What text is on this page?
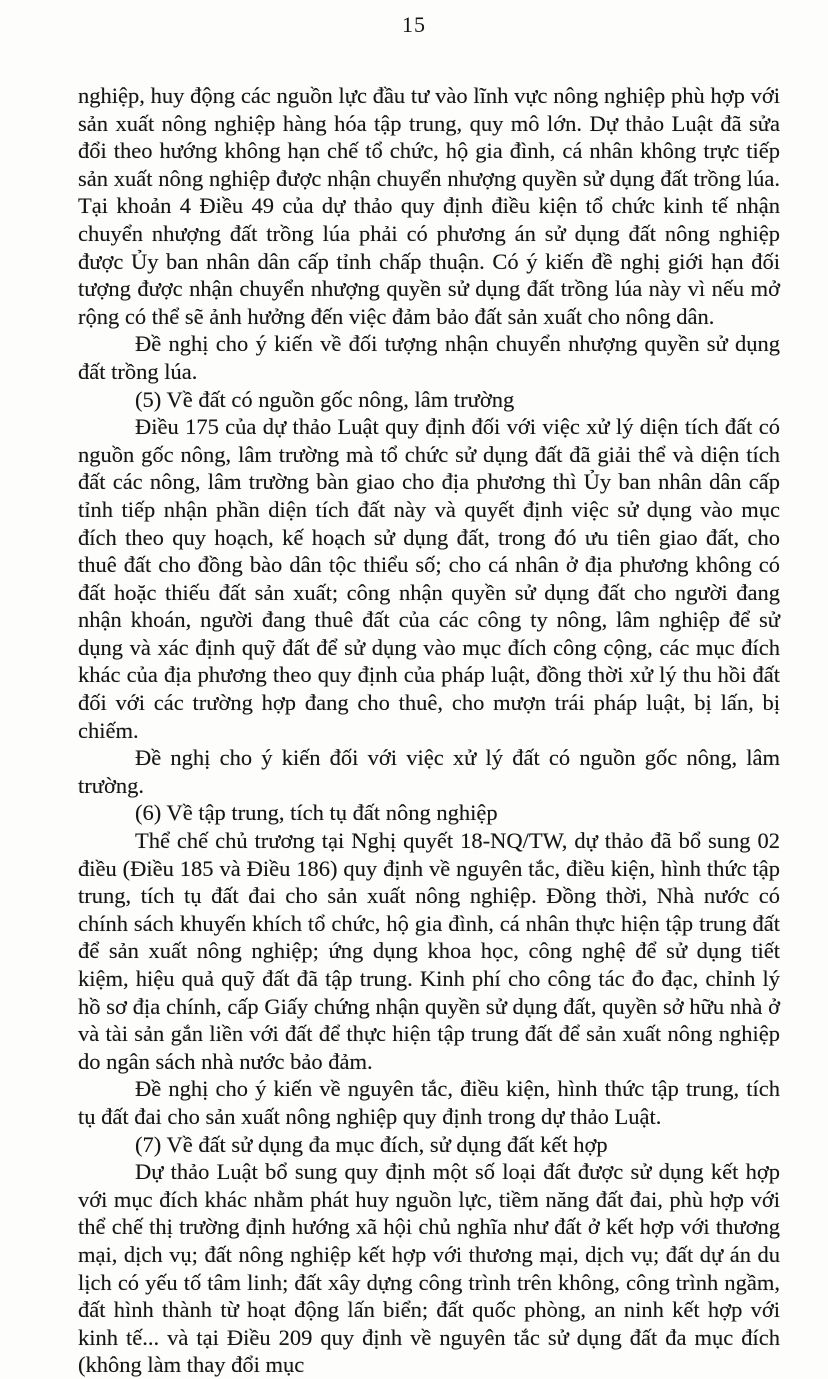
15

nghiệp, huy động các nguồn lực đầu tư vào lĩnh vực nông nghiệp phù hợp với sản xuất nông nghiệp hàng hóa tập trung, quy mô lớn. Dự thảo Luật đã sửa đổi theo hướng không hạn chế tổ chức, hộ gia đình, cá nhân không trực tiếp sản xuất nông nghiệp được nhận chuyển nhượng quyền sử dụng đất trồng lúa. Tại khoản 4 Điều 49 của dự thảo quy định điều kiện tổ chức kinh tế nhận chuyển nhượng đất trồng lúa phải có phương án sử dụng đất nông nghiệp được Ủy ban nhân dân cấp tỉnh chấp thuận. Có ý kiến đề nghị giới hạn đối tượng được nhận chuyển nhượng quyền sử dụng đất trồng lúa này vì nếu mở rộng có thể sẽ ảnh hưởng đến việc đảm bảo đất sản xuất cho nông dân.

Đề nghị cho ý kiến về đối tượng nhận chuyển nhượng quyền sử dụng đất trồng lúa.

(5) Về đất có nguồn gốc nông, lâm trường

Điều 175 của dự thảo Luật quy định đối với việc xử lý diện tích đất có nguồn gốc nông, lâm trường mà tổ chức sử dụng đất đã giải thể và diện tích đất các nông, lâm trường bàn giao cho địa phương thì Ủy ban nhân dân cấp tỉnh tiếp nhận phần diện tích đất này và quyết định việc sử dụng vào mục đích theo quy hoạch, kế hoạch sử dụng đất, trong đó ưu tiên giao đất, cho thuê đất cho đồng bào dân tộc thiểu số; cho cá nhân ở địa phương không có đất hoặc thiếu đất sản xuất; công nhận quyền sử dụng đất cho người đang nhận khoán, người đang thuê đất của các công ty nông, lâm nghiệp để sử dụng và xác định quỹ đất để sử dụng vào mục đích công cộng, các mục đích khác của địa phương theo quy định của pháp luật, đồng thời xử lý thu hồi đất đối với các trường hợp đang cho thuê, cho mượn trái pháp luật, bị lấn, bị chiếm.

Đề nghị cho ý kiến đối với việc xử lý đất có nguồn gốc nông, lâm trường.

(6) Về tập trung, tích tụ đất nông nghiệp

Thể chế chủ trương tại Nghị quyết 18-NQ/TW, dự thảo đã bổ sung 02 điều (Điều 185 và Điều 186) quy định về nguyên tắc, điều kiện, hình thức tập trung, tích tụ đất đai cho sản xuất nông nghiệp. Đồng thời, Nhà nước có chính sách khuyến khích tổ chức, hộ gia đình, cá nhân thực hiện tập trung đất để sản xuất nông nghiệp; ứng dụng khoa học, công nghệ để sử dụng tiết kiệm, hiệu quả quỹ đất đã tập trung. Kinh phí cho công tác đo đạc, chỉnh lý hồ sơ địa chính, cấp Giấy chứng nhận quyền sử dụng đất, quyền sở hữu nhà ở và tài sản gắn liền với đất để thực hiện tập trung đất để sản xuất nông nghiệp do ngân sách nhà nước bảo đảm.

Đề nghị cho ý kiến về nguyên tắc, điều kiện, hình thức tập trung, tích tụ đất đai cho sản xuất nông nghiệp quy định trong dự thảo Luật.

(7) Về đất sử dụng đa mục đích, sử dụng đất kết hợp

Dự thảo Luật bổ sung quy định một số loại đất được sử dụng kết hợp với mục đích khác nhằm phát huy nguồn lực, tiềm năng đất đai, phù hợp với thể chế thị trường định hướng xã hội chủ nghĩa như đất ở kết hợp với thương mại, dịch vụ; đất nông nghiệp kết hợp với thương mại, dịch vụ; đất dự án du lịch có yếu tố tâm linh; đất xây dựng công trình trên không, công trình ngầm, đất hình thành từ hoạt động lấn biển; đất quốc phòng, an ninh kết hợp với kinh tế... và tại Điều 209 quy định về nguyên tắc sử dụng đất đa mục đích (không làm thay đổi mục
